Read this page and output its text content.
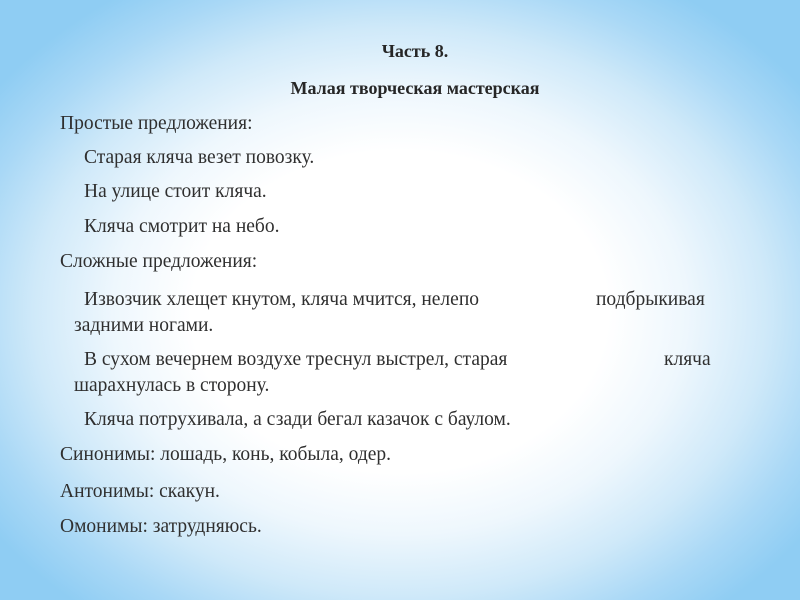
Часть 8.
Малая творческая мастерская
Простые предложения:
Старая кляча везет повозку.
На улице стоит кляча.
Кляча смотрит на небо.
Сложные предложения:
Извозчик хлещет кнутом, кляча мчится, нелепо	подбрыкивая
задними ногами.
В сухом вечернем воздухе треснул выстрел, старая	кляча
шарахнулась в сторону.
Кляча потрухивала, а сзади бегал казачок с баулом.
Синонимы: лошадь, конь, кобыла, одер.
Антонимы: скакун.
Омонимы: затрудняюсь.
